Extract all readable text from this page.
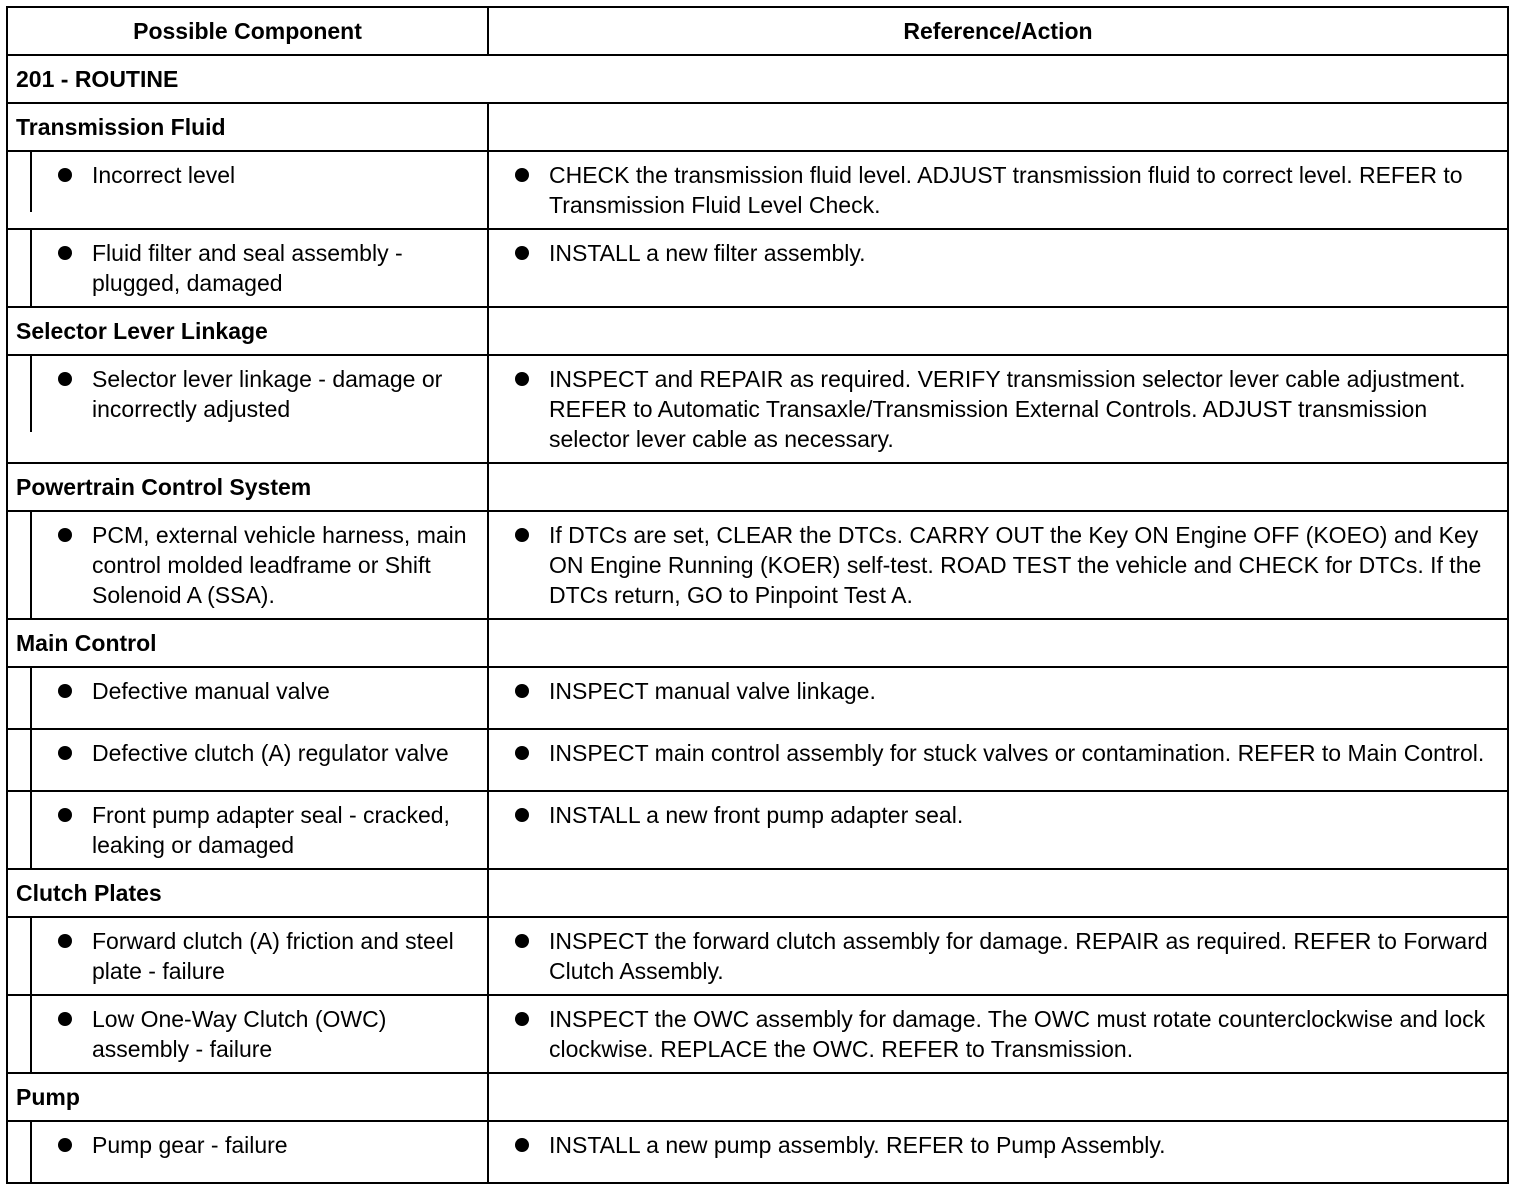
Possible Component	Reference/Action
201 - ROUTINE	
Transmission Fluid	

Incorrect level	CHECK the transmission fluid level. ADJUST transmission fluid to correct level. REFER to Transmission Fluid Level Check.

Fluid filter and seal assembly - plugged, damaged	INSTALL a new filter assembly.

Selector Lever Linkage	

Selector lever linkage - damage or incorrectly adjusted	INSPECT and REPAIR as required. VERIFY transmission selector lever cable adjustment. REFER to Automatic Transaxle/Transmission External Controls. ADJUST transmission selector lever cable as necessary.

Powertrain Control System	

PCM, external vehicle harness, main control molded leadframe or Shift Solenoid A (SSA).	If DTCs are set, CLEAR the DTCs. CARRY OUT the Key ON Engine OFF (KOEO) and Key ON Engine Running (KOER) self-test. ROAD TEST the vehicle and CHECK for DTCs. If the DTCs return, GO to Pinpoint Test A.

Main Control	

Defective manual valve	INSPECT manual valve linkage.

Defective clutch (A) regulator valve	INSPECT main control assembly for stuck valves or contamination. REFER to Main Control.

Front pump adapter seal - cracked, leaking or damaged	INSTALL a new front pump adapter seal.

Clutch Plates	

Forward clutch (A) friction and steel plate - failure	INSPECT the forward clutch assembly for damage. REPAIR as required. REFER to Forward Clutch Assembly.

Low One-Way Clutch (OWC) assembly - failure	INSPECT the OWC assembly for damage. The OWC must rotate counterclockwise and lock clockwise. REPLACE the OWC. REFER to Transmission.

Pump	

Pump gear - failure	INSTALL a new pump assembly. REFER to Pump Assembly.
